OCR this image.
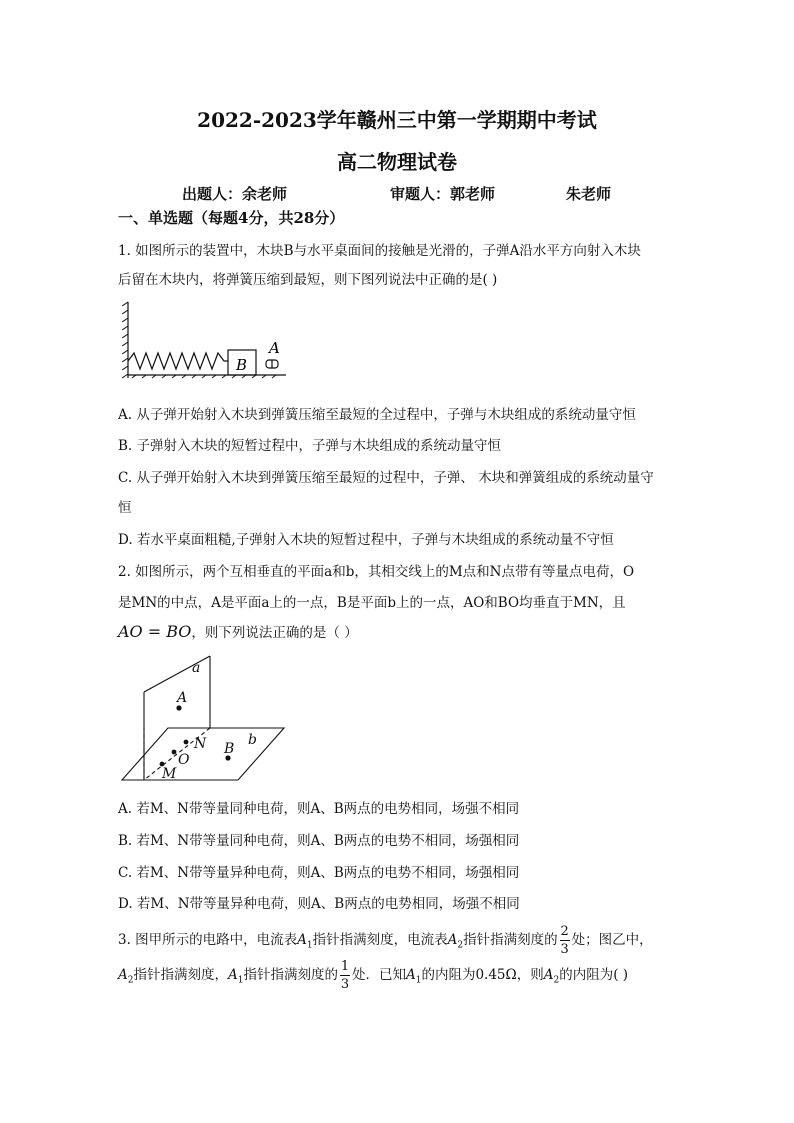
2022-2023学年赣州三中第一学期期中考试
高二物理试卷
出题人：余老师	审题人：郭老师	朱老师
一、单选题（每题4分，共28分）
1. 如图所示的装置中，木块B与水平桌面间的接触是光滑的，子弹A沿水平方向射入木块
后留在木块内，将弹簧压缩到最短，则下图列说法中正确的是( )
B
A
A. 从子弹开始射入木块到弹簧压缩至最短的全过程中，子弹与木块组成的系统动量守恒
B. 子弹射入木块的短暂过程中，子弹与木块组成的系统动量守恒
C. 从子弹开始射入木块到弹簧压缩至最短的过程中，子弹、 木块和弹簧组成的系统动量守
恒
D. 若水平桌面粗糙,子弹射入木块的短暂过程中，子弹与木块组成的系统动量不守恒
2. 如图所示，两个互相垂直的平面a和b，其相交线上的M点和N点带有等量点电荷，O
是MN的中点，A是平面a上的一点，B是平面b上的一点，AO和BO均垂直于MN，且
AO = BO，则下列说法正确的是（ ）
a
b
A
B
N
O
M
A. 若M、N带等量同种电荷，则A、B两点的电势相同，场强不相同
B. 若M、N带等量同种电荷，则A、B两点的电势不相同，场强相同
C. 若M、N带等量异种电荷，则A、B两点的电势不相同，场强相同
D. 若M、N带等量异种电荷，则A、B两点的电势相同，场强不相同
3. 图甲所示的电路中，电流表$A_1$指针指满刻度，电流表$A_2$指针指满刻度的 $\frac{2}{3}$ 处；图乙中，
$A_2$指针指满刻度，$A_1$指针指满刻度的 $\frac{1}{3}$ 处．已知$A_1$的内阻为0.45Ω，则$A_2$的内阻为( )
